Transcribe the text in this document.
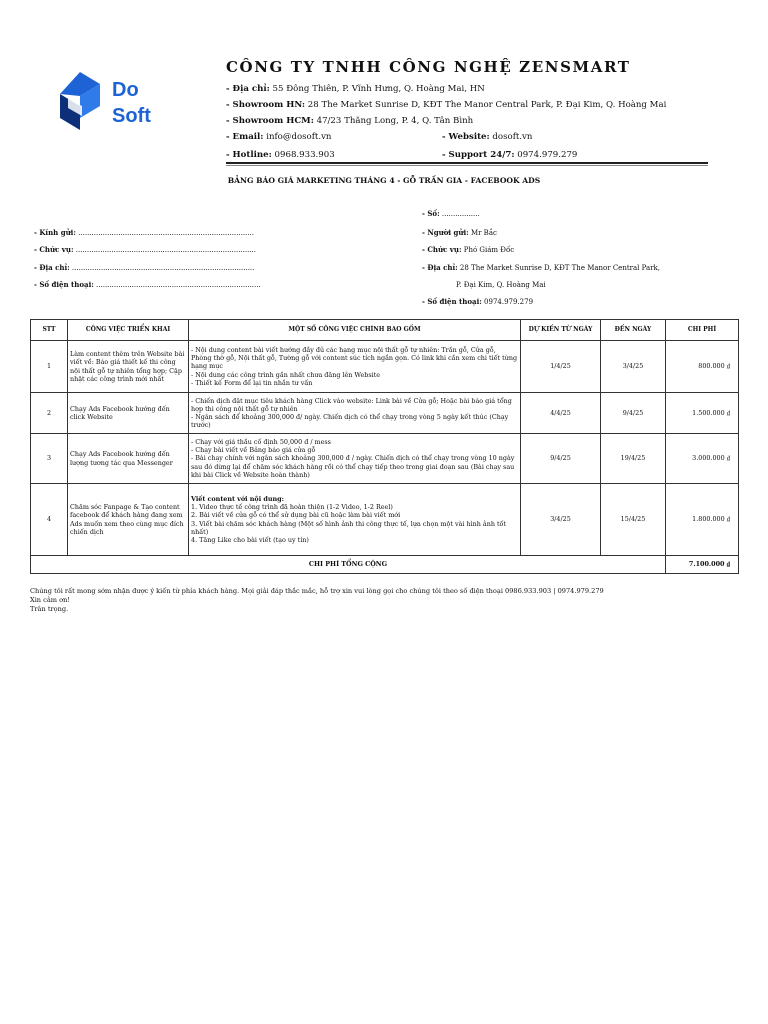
Do
Soft
CÔNG TY TNHH CÔNG NGHỆ ZENSMART
- Địa chỉ: 55 Đông Thiên, P. Vĩnh Hưng, Q. Hoàng Mai, HN
- Showroom HN: 28 The Market Sunrise D, KĐT The Manor Central Park, P. Đại Kim, Q. Hoàng Mai
- Showroom HCM: 47/23 Thăng Long, P. 4, Q. Tân Bình
- Email: info@dosoft.vn	- Website: dosoft.vn
- Hotline: 0968.933.903	- Support 24/7: 0974.979.279
BẢNG BÁO GIÁ MARKETING THÁNG 4 - GỖ TRẦN GIA - FACEBOOK ADS
- Số: .................
- Kính gửi: ...............................................................................	- Người gửi: Mr Bắc
- Chức vụ: .................................................................................	- Chức vụ: Phó Giám Đốc
- Địa chỉ: ..................................................................................	- Địa chỉ: 28 The Market Sunrise D, KĐT The Manor Central Park,
P. Đại Kim, Q. Hoàng Mai
- Số điện thoại: ..........................................................................
- Số điện thoại: 0974.979.279
STT	CÔNG VIỆC TRIỂN KHAI	MỘT SỐ CÔNG VIỆC CHÍNH BAO GỒM	DỰ KIẾN TỪ NGÀY	ĐẾN NGÀY	CHI PHÍ
1	Làm content thêm trên Website bài viết về: Báo giá thiết kế thi công nội thất gỗ tự nhiên tổng hợp; Cập nhật các công trình mới nhất	- Nội dung content bài viết hướng đầy đủ các hạng mục nội thất gỗ tự nhiên: Trần gỗ, Cửa gỗ, Phòng thờ gỗ, Nội thất gỗ, Tường gỗ với content súc tích ngắn gọn. Có link khi cần xem chi tiết từng hạng mục
- Nội dung các công trình gần nhất chưa đăng lên Website
- Thiết kế Form để lại tin nhắn tư vấn	1/4/25	3/4/25	800.000 ₫
2	Chạy Ads Facebook hướng đến click Website	- Chiến dịch đặt mục tiêu khách hàng Click vào website: Link bài về Cửa gỗ; Hoặc bài báo giá tổng hợp thi công nội thất gỗ tự nhiên
- Ngân sách để khoảng 300,000 đ/ ngày. Chiến dịch có thể chạy trong vòng 5 ngày kết thúc (Chạy trước)	4/4/25	9/4/25	1.500.000 ₫
3	Chạy Ads Facebook hướng đến lượng tương tác qua Messenger	- Chạy với giá thầu cố định 50,000 đ / mess
- Chạy bài viết về Bảng báo giá cửa gỗ
- Bài chạy chính với ngân sách khoảng 300,000 đ / ngày. Chiến dịch có thể chạy trong vòng 10 ngày sau đó dừng lại để chăm sóc khách hàng rồi có thể chạy tiếp theo trong giai đoạn sau (Bài chạy sau khi bài Click về Website hoàn thành)	9/4/25	19/4/25	3.000.000 ₫
4	Chăm sóc Fanpage & Tạo content facebook để khách hàng đang xem Ads muốn xem theo cùng mục đích chiến dịch	Viết content với nội dung:
1. Video thực tế công trình đã hoàn thiện (1-2 Video, 1-2 Reel)
2. Bài viết về cửa gỗ có thể sử dụng bài cũ hoặc làm bài viết mới
3. Viết bài chăm sóc khách hàng (Một số hình ảnh thi công thực tế, lựa chọn một vài hình ảnh tốt nhất)
4. Tăng Like cho bài viết (tạo uy tín)	3/4/25	15/4/25	1.800.000 ₫
CHI PHÍ TỔNG CỘNG					7.100.000 ₫
Chúng tôi rất mong sớm nhận được ý kiến từ phía khách hàng. Mọi giải đáp thắc mắc, hỗ trợ xin vui lòng gọi cho chúng tôi theo số điện thoại 0986.933.903 | 0974.979.279
Xin cảm ơn!
Trân trọng.
